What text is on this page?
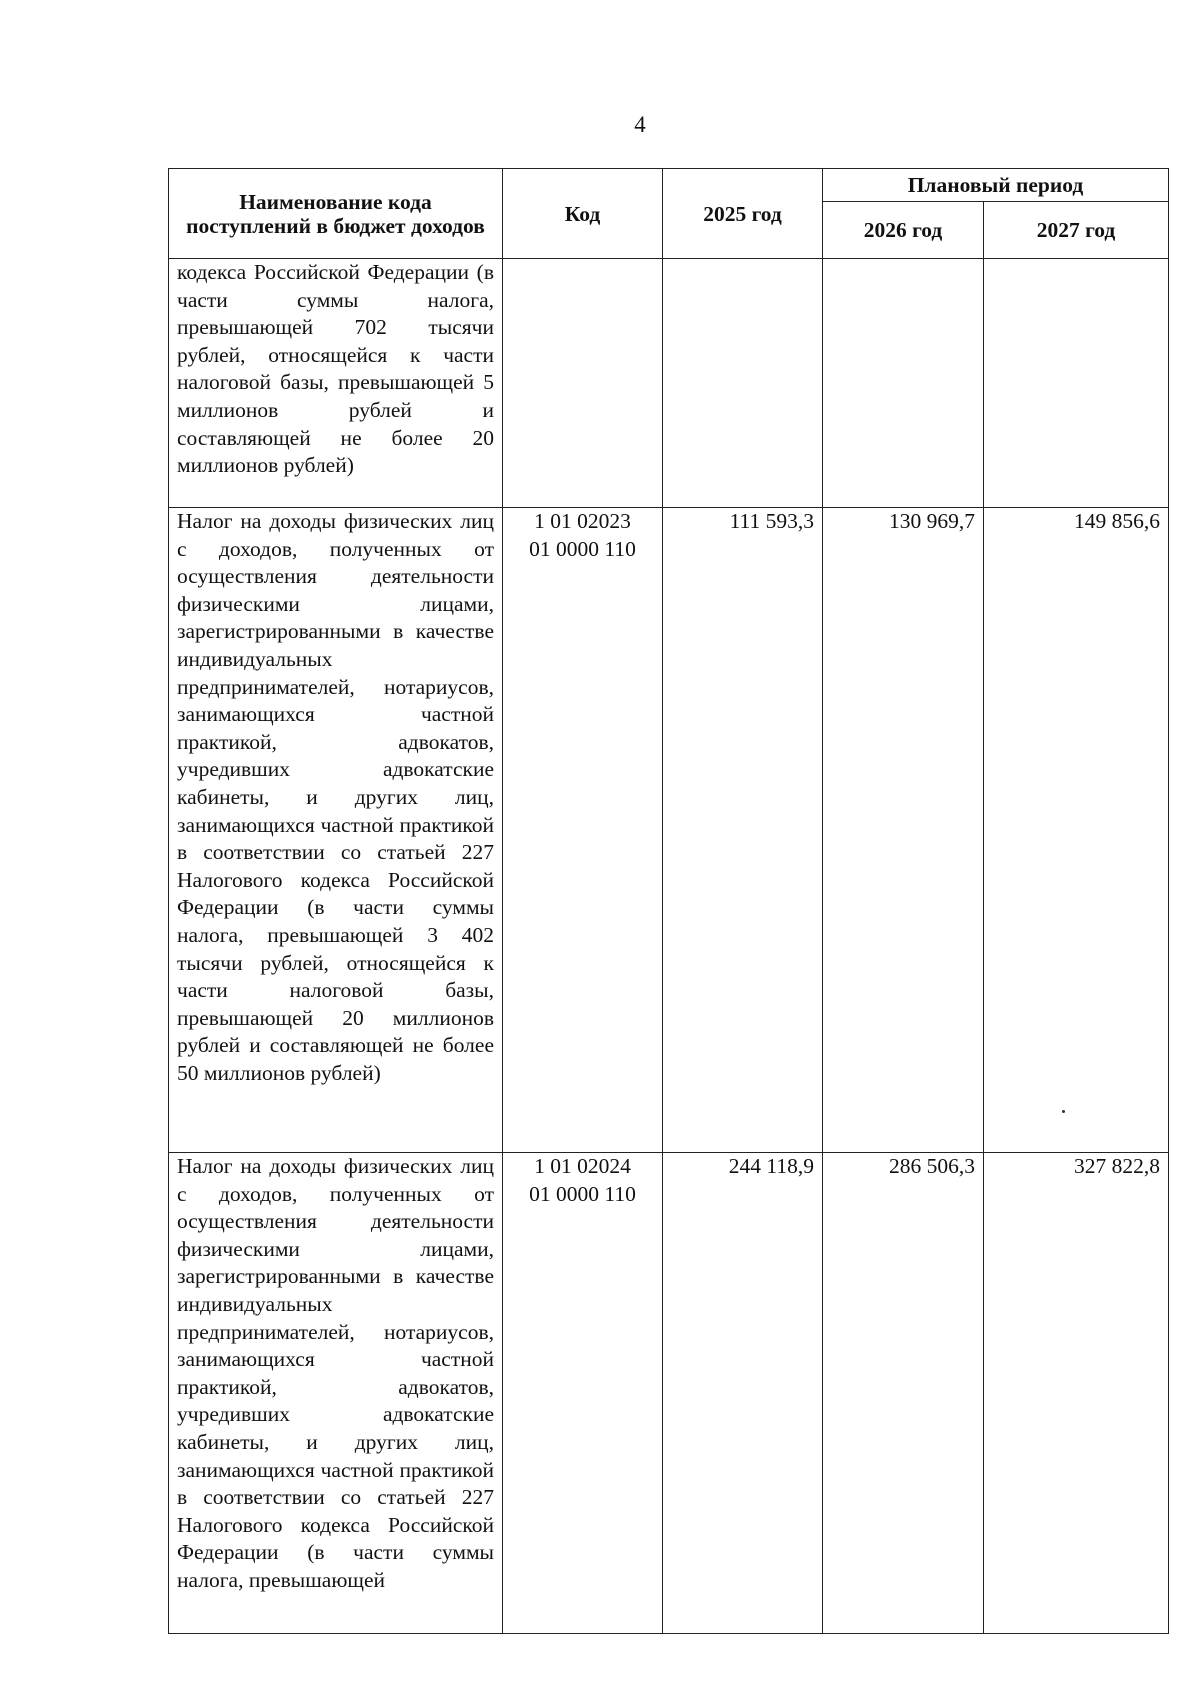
4
Наименование кода поступлений в бюджет доходов	Код	2025 год	Плановый период	
			2026 год	2027 год
кодекса Российской Федерации (в части суммы налога, превышающей 702 тысячи рублей, относящейся к части налоговой базы, превышающей 5 миллионов рублей и составляющей не более 20 миллионов рублей)				
Налог на доходы физических лиц с доходов, полученных от осуществления деятельности физическими лицами, зарегистрированными в качестве индивидуальных предпринимателей, нотариусов, занимающихся частной практикой, адвокатов, учредивших адвокатские кабинеты, и других лиц, занимающихся частной практикой в соответствии со статьей 227 Налогового кодекса Российской Федерации (в части суммы налога, превышающей 3 402 тысячи рублей, относящейся к части налоговой базы, превышающей 20 миллионов рублей и составляющей не более 50 миллионов рублей)	1 01 02023
01 0000 110	111 593,3	130 969,7	149 856,6
Налог на доходы физических лиц с доходов, полученных от осуществления деятельности физическими лицами, зарегистрированными в качестве индивидуальных предпринимателей, нотариусов, занимающихся частной практикой, адвокатов, учредивших адвокатские кабинеты, и других лиц, занимающихся частной практикой в соответствии со статьей 227 Налогового кодекса Российской Федерации (в части суммы налога, превышающей	1 01 02024
01 0000 110	244 118,9	286 506,3	327 822,8
